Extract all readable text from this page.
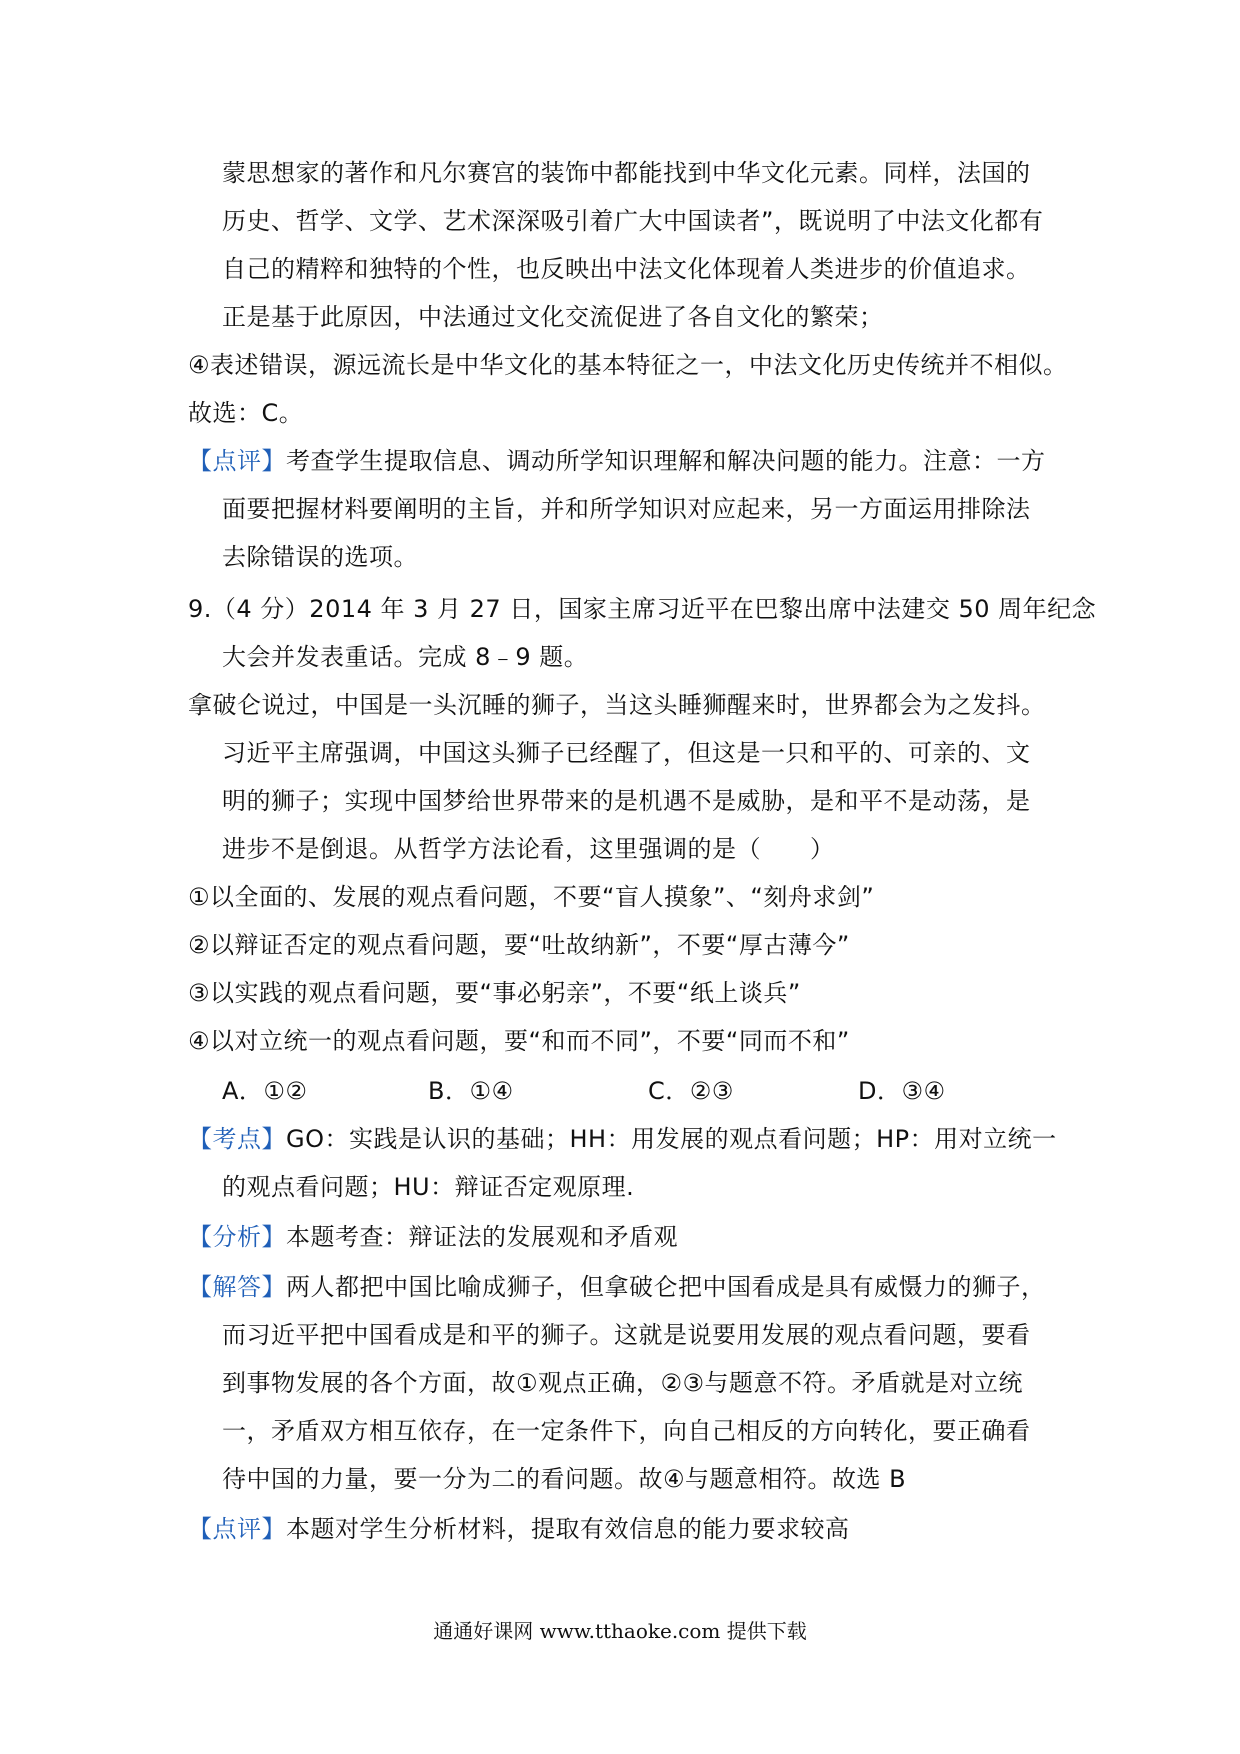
蒙思想家的著作和凡尔赛宫的装饰中都能找到中华文化元素。同样，法国的
历史、哲学、文学、艺术深深吸引着广大中国读者”，既说明了中法文化都有
自己的精粹和独特的个性，也反映出中法文化体现着人类进步的价值追求。
正是基于此原因，中法通过文化交流促进了各自文化的繁荣；
④表述错误，源远流长是中华文化的基本特征之一，中法文化历史传统并不相似。
故选：C。
【点评】考查学生提取信息、调动所学知识理解和解决问题的能力。注意：一方
面要把握材料要阐明的主旨，并和所学知识对应起来，另一方面运用排除法
去除错误的选项。
9.（4 分）2014 年 3 月 27 日，国家主席习近平在巴黎出席中法建交 50 周年纪念
大会并发表重话。完成 8﹣9 题。
拿破仑说过，中国是一头沉睡的狮子，当这头睡狮醒来时，世界都会为之发抖。
习近平主席强调，中国这头狮子已经醒了，但这是一只和平的、可亲的、文
明的狮子；实现中国梦给世界带来的是机遇不是威胁，是和平不是动荡，是
进步不是倒退。从哲学方法论看，这里强调的是（　　）
①以全面的、发展的观点看问题，不要“盲人摸象”、“刻舟求剑”
②以辩证否定的观点看问题，要“吐故纳新”，不要“厚古薄今”
③以实践的观点看问题，要“事必躬亲”，不要“纸上谈兵”
④以对立统一的观点看问题，要“和而不同”，不要“同而不和”
A．①②	B．①④	C．②③	D．③④
【考点】GO：实践是认识的基础；HH：用发展的观点看问题；HP：用对立统一
的观点看问题；HU：辩证否定观原理.
【分析】本题考查：辩证法的发展观和矛盾观
【解答】两人都把中国比喻成狮子，但拿破仑把中国看成是具有威慑力的狮子，
而习近平把中国看成是和平的狮子。这就是说要用发展的观点看问题，要看
到事物发展的各个方面，故①观点正确，②③与题意不符。矛盾就是对立统
一，矛盾双方相互依存，在一定条件下，向自己相反的方向转化，要正确看
待中国的力量，要一分为二的看问题。故④与题意相符。故选 B
【点评】本题对学生分析材料，提取有效信息的能力要求较高
通通好课网 www.tthaoke.com 提供下载
